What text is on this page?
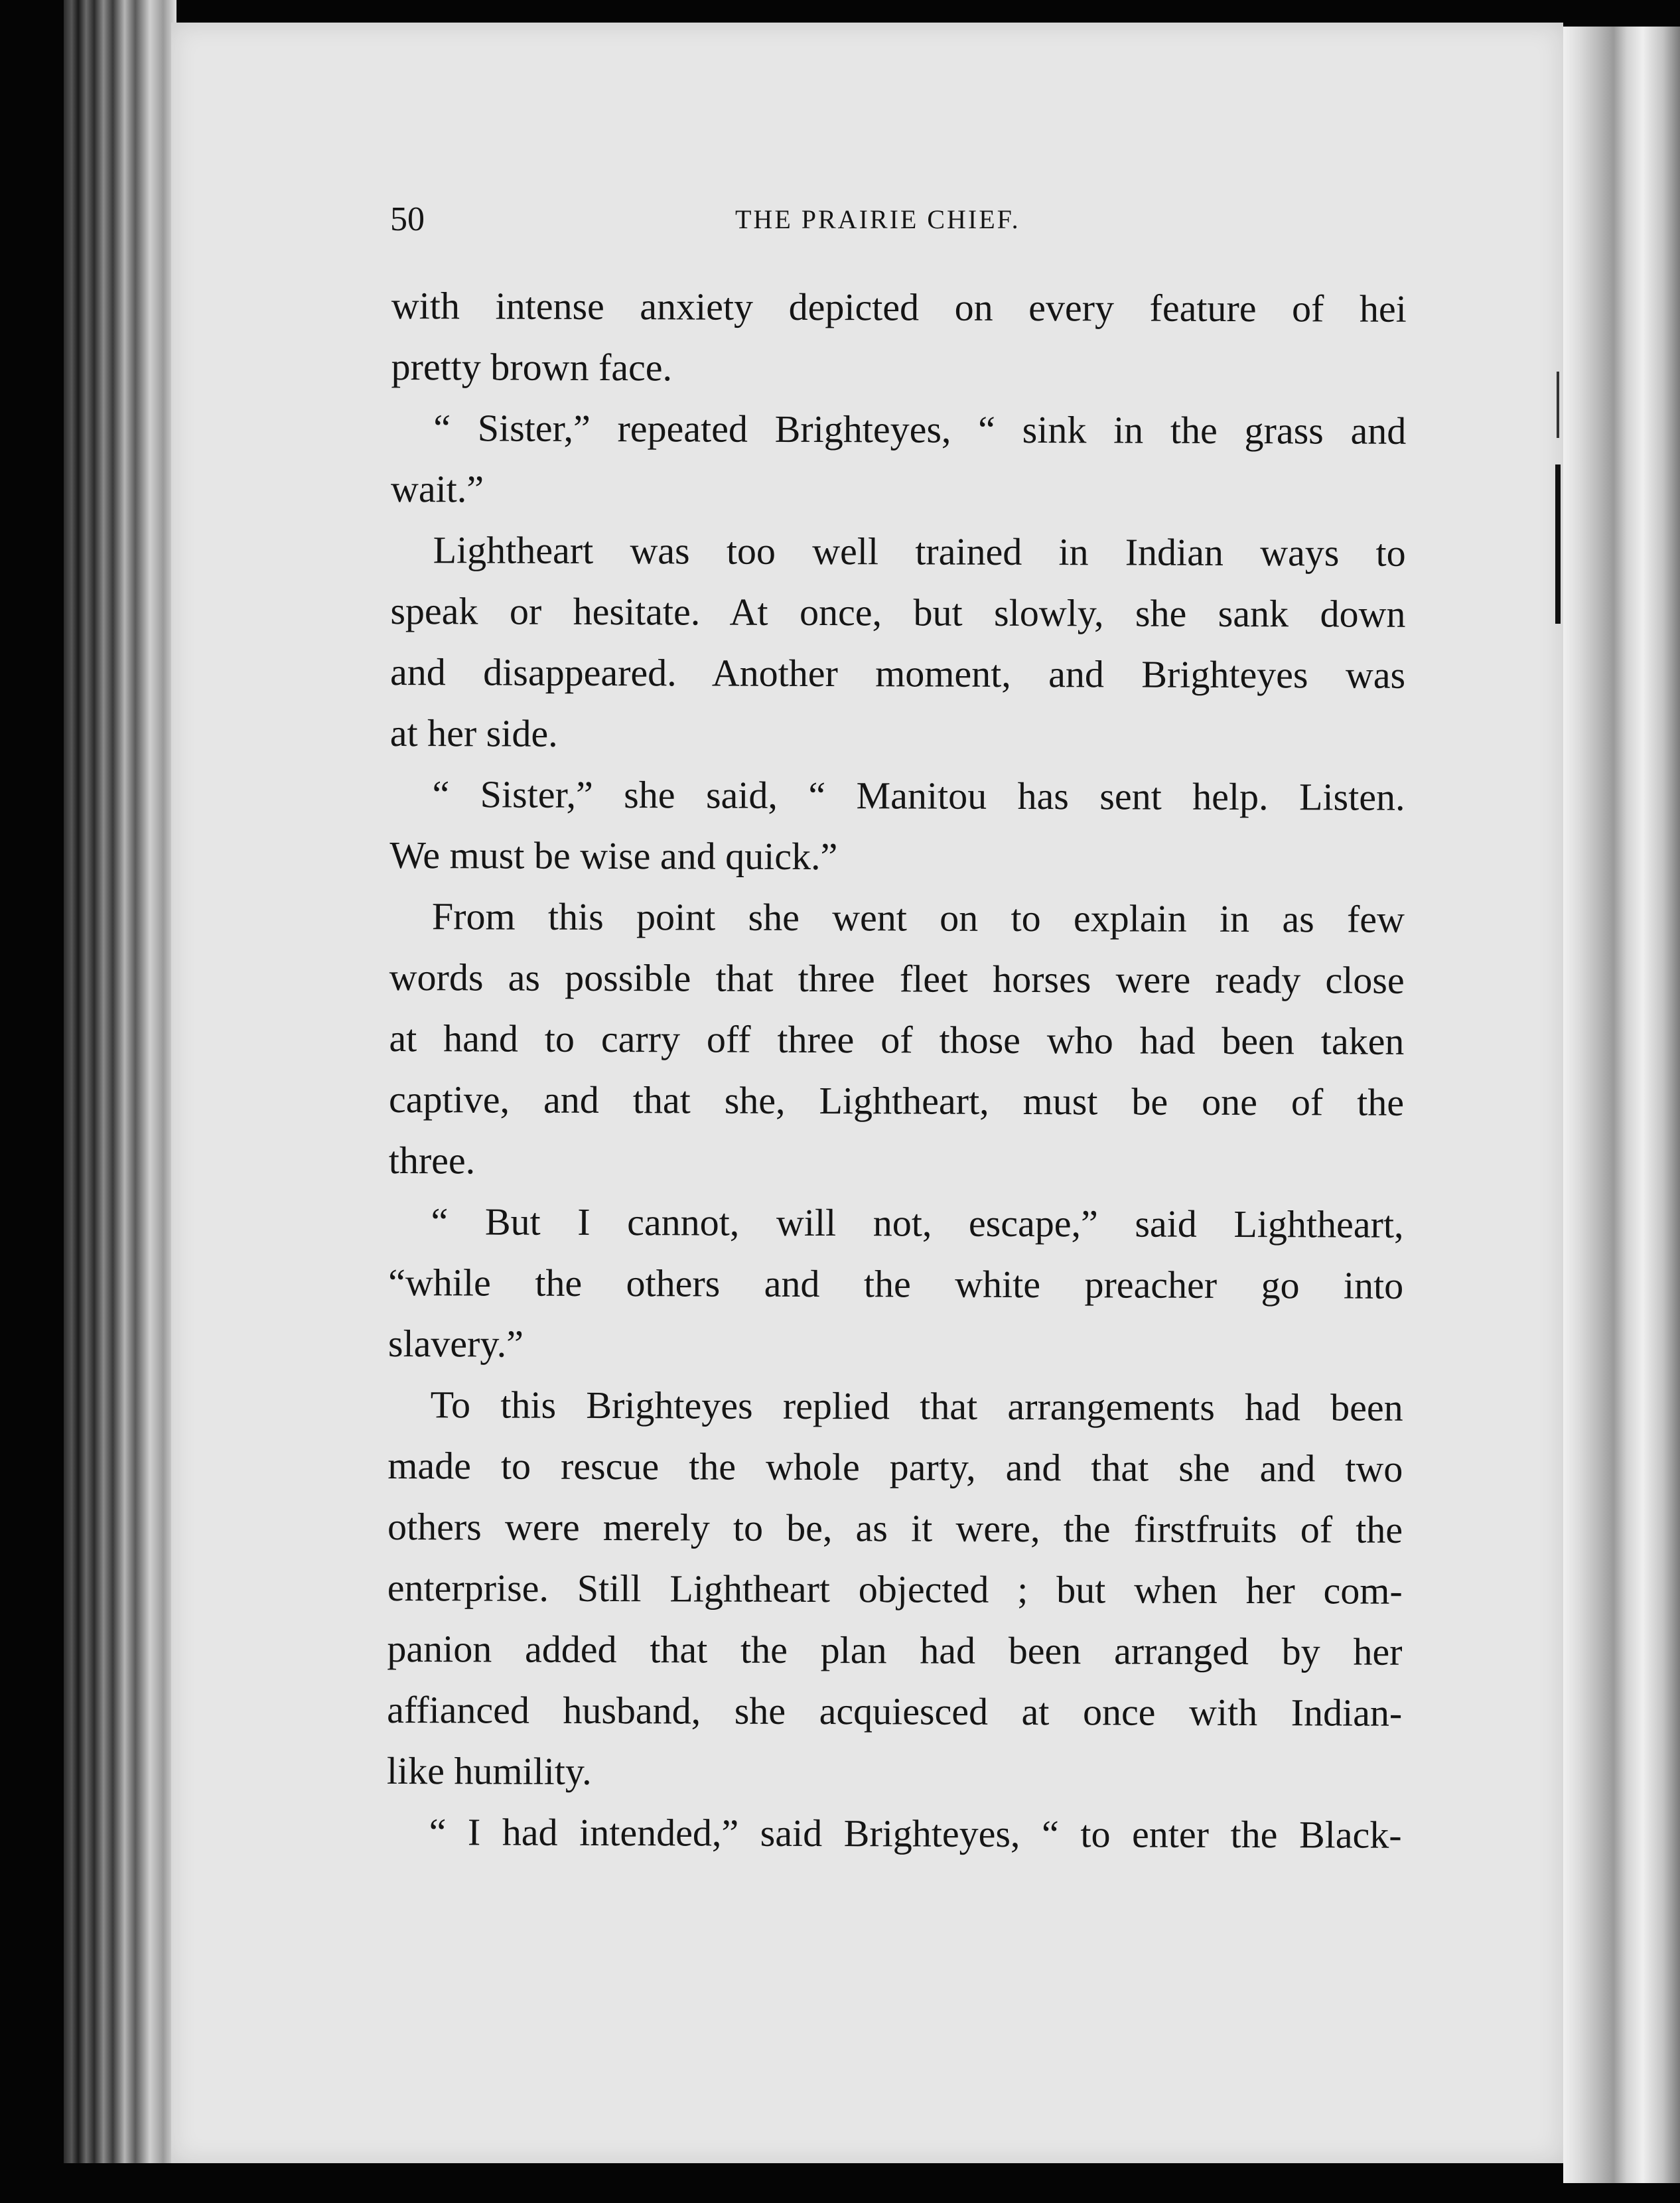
50	THE PRAIRIE CHIEF.
with intense anxiety depicted on every feature of hei
pretty brown face.
“ Sister,” repeated Brighteyes, “ sink in the grass and
wait.”
Lightheart was too well trained in Indian ways to
speak or hesitate. At once, but slowly, she sank down
and disappeared. Another moment, and Brighteyes was
at her side.
“ Sister,” she said, “ Manitou has sent help. Listen.
We must be wise and quick.”
From this point she went on to explain in as few
words as possible that three fleet horses were ready close
at hand to carry off three of those who had been taken
captive, and that she, Lightheart, must be one of the
three.
“ But I cannot, will not, escape,” said Lightheart,
“while the others and the white preacher go into
slavery.”
To this Brighteyes replied that arrangements had been
made to rescue the whole party, and that she and two
others were merely to be, as it were, the firstfruits of the
enterprise. Still Lightheart objected ; but when her com-
panion added that the plan had been arranged by her
affianced husband, she acquiesced at once with Indian-
like humility.
“ I had intended,” said Brighteyes, “ to enter the Black-
